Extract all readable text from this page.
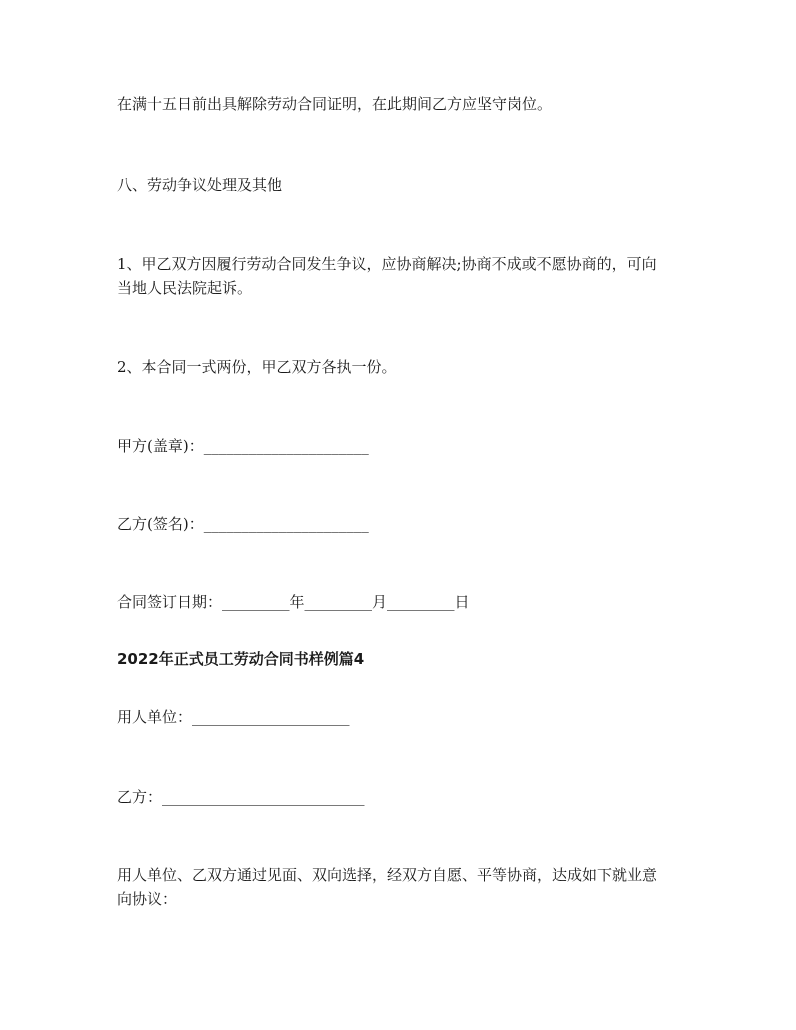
在满十五日前出具解除劳动合同证明，在此期间乙方应坚守岗位。

八、劳动争议处理及其他

1、甲乙双方因履行劳动合同发生争议，应协商解决;协商不成或不愿协商的，可向

当地人民法院起诉。

2、本合同一式两份，甲乙双方各执一份。

甲方(盖章)：______________________

乙方(签名)：______________________

合同签订日期：_________年_________月_________日

2022年正式员工劳动合同书样例篇4

用人单位：_____________________

乙方：___________________________

用人单位、乙双方通过见面、双向选择，经双方自愿、平等协商，达成如下就业意

向协议：
